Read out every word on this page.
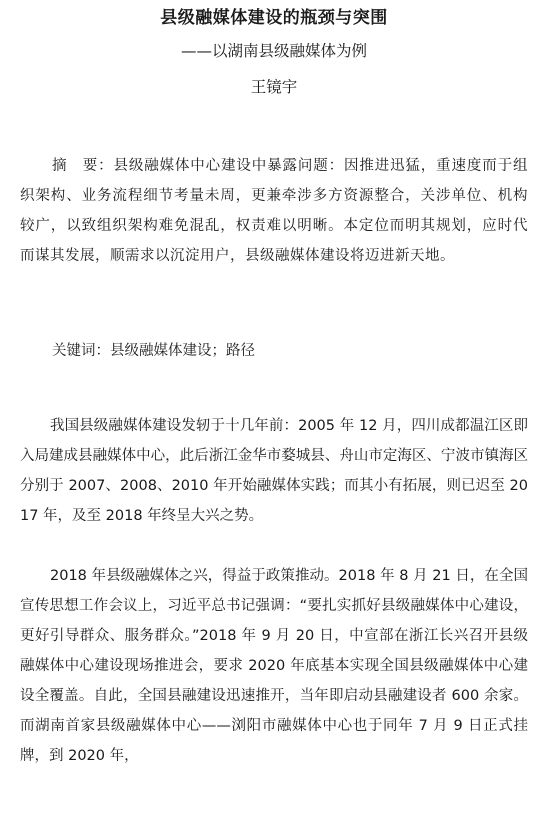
县级融媒体建设的瓶颈与突围
——以湖南县级融媒体为例
王镜宇
摘　要：县级融媒体中心建设中暴露问题：因推进迅猛，重速度而于组织架构、业务流程细节考量未周，更兼牵涉多方资源整合，关涉单位、机构较广，以致组织架构难免混乱，权责难以明晰。本定位而明其规划，应时代而谋其发展，顺需求以沉淀用户，县级融媒体建设将迈进新天地。
关键词：县级融媒体建设；路径
我国县级融媒体建设发轫于十几年前：2005 年 12 月，四川成都温江区即入局建成县融媒体中心，此后浙江金华市婺城县、舟山市定海区、宁波市镇海区分别于 2007、2008、2010 年开始融媒体实践；而其小有拓展，则已迟至 2017 年，及至 2018 年终呈大兴之势。
2018 年县级融媒体之兴，得益于政策推动。2018 年 8 月 21 日，在全国宣传思想工作会议上，习近平总书记强调：“要扎实抓好县级融媒体中心建设，更好引导群众、服务群众。”2018 年 9 月 20 日，中宣部在浙江长兴召开县级融媒体中心建设现场推进会，要求 2020 年底基本实现全国县级融媒体中心建设全覆盖。自此，全国县融建设迅速推开，当年即启动县融建设者 600 余家。而湖南首家县级融媒体中心——浏阳市融媒体中心也于同年 7 月 9 日正式挂牌，到 2020 年，
